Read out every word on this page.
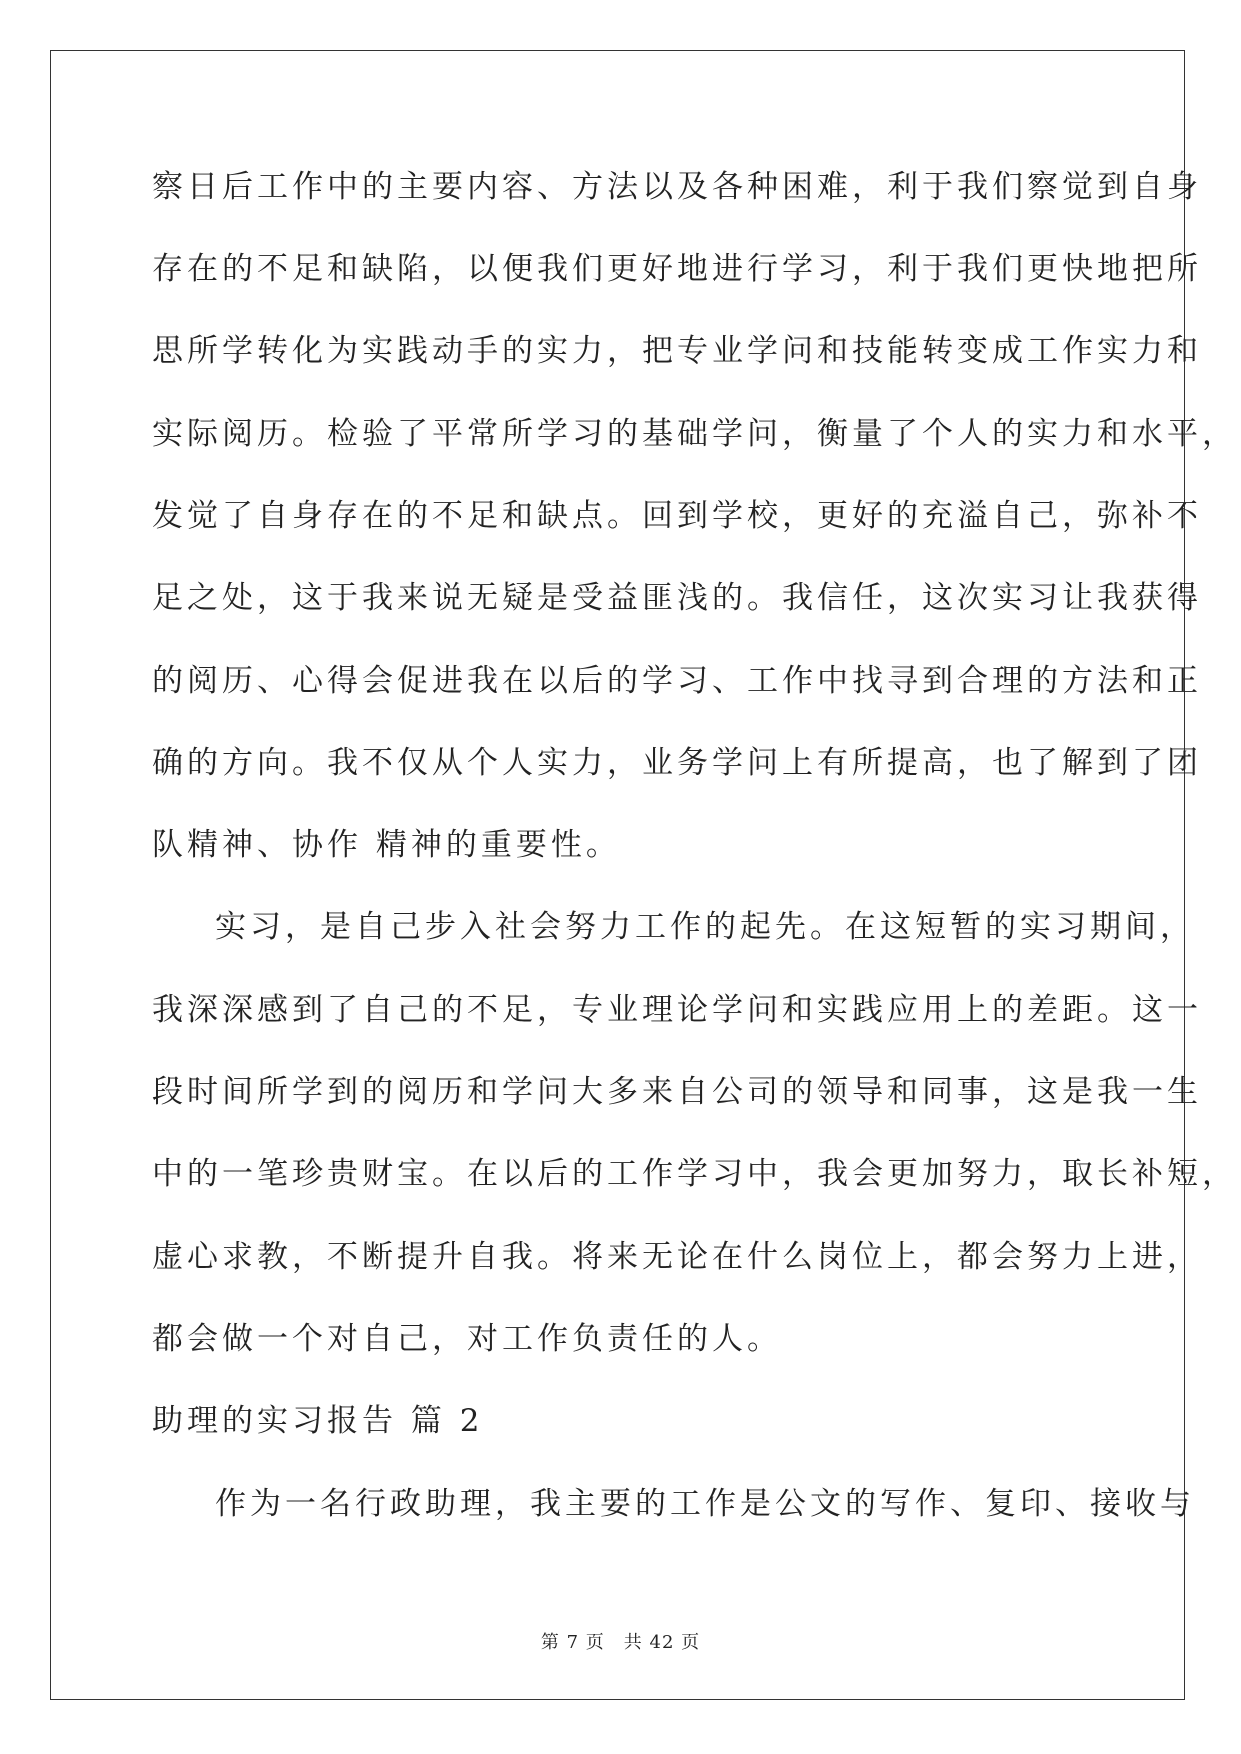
察日后工作中的主要内容、方法以及各种困难，利于我们察觉到自身
存在的不足和缺陷，以便我们更好地进行学习，利于我们更快地把所
思所学转化为实践动手的实力，把专业学问和技能转变成工作实力和
实际阅历。检验了平常所学习的基础学问，衡量了个人的实力和水平，
发觉了自身存在的不足和缺点。回到学校，更好的充溢自己，弥补不
足之处，这于我来说无疑是受益匪浅的。我信任，这次实习让我获得
的阅历、心得会促进我在以后的学习、工作中找寻到合理的方法和正
确的方向。我不仅从个人实力，业务学问上有所提高，也了解到了团
队精神、协作 精神的重要性。
实习，是自己步入社会努力工作的起先。在这短暂的实习期间，
我深深感到了自己的不足，专业理论学问和实践应用上的差距。这一
段时间所学到的阅历和学问大多来自公司的领导和同事，这是我一生
中的一笔珍贵财宝。在以后的工作学习中，我会更加努力，取长补短，
虚心求教，不断提升自我。将来无论在什么岗位上，都会努力上进，
都会做一个对自己，对工作负责任的人。
助理的实习报告 篇 2
作为一名行政助理，我主要的工作是公文的写作、复印、接收与
第 7 页　共 42 页
